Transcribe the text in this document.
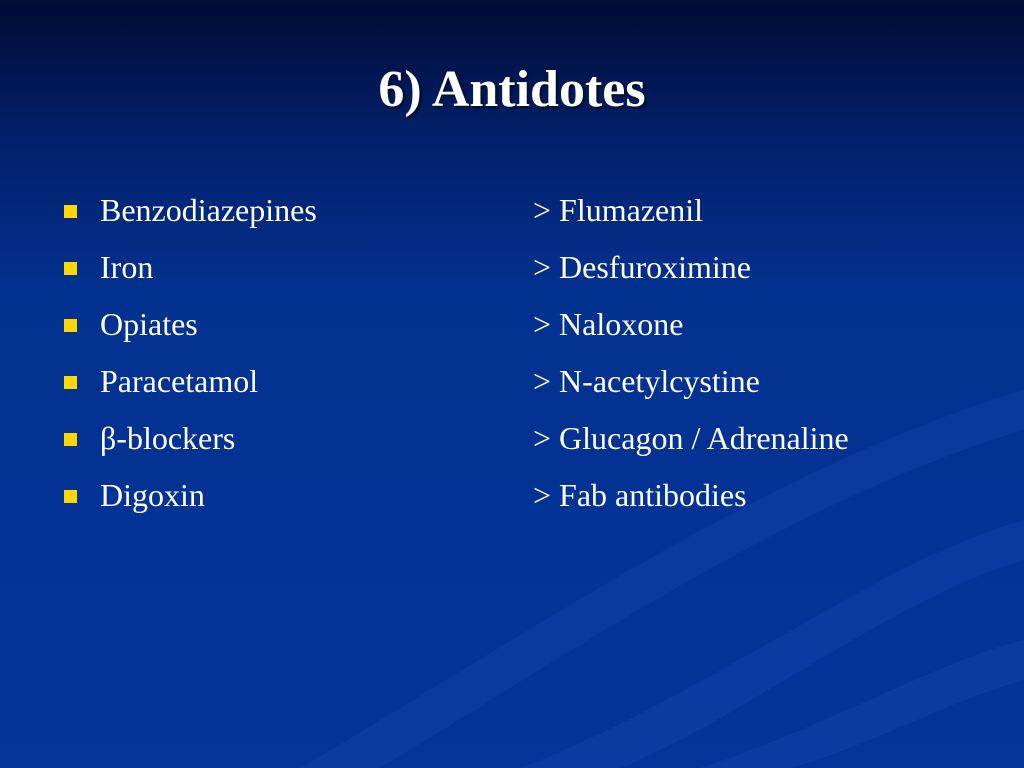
6) Antidotes
Benzodiazepines	> Flumazenil
Iron	> Desfuroximine
Opiates	> Naloxone
Paracetamol	> N-acetylcystine
β-blockers	> Glucagon / Adrenaline
Digoxin	> Fab antibodies
